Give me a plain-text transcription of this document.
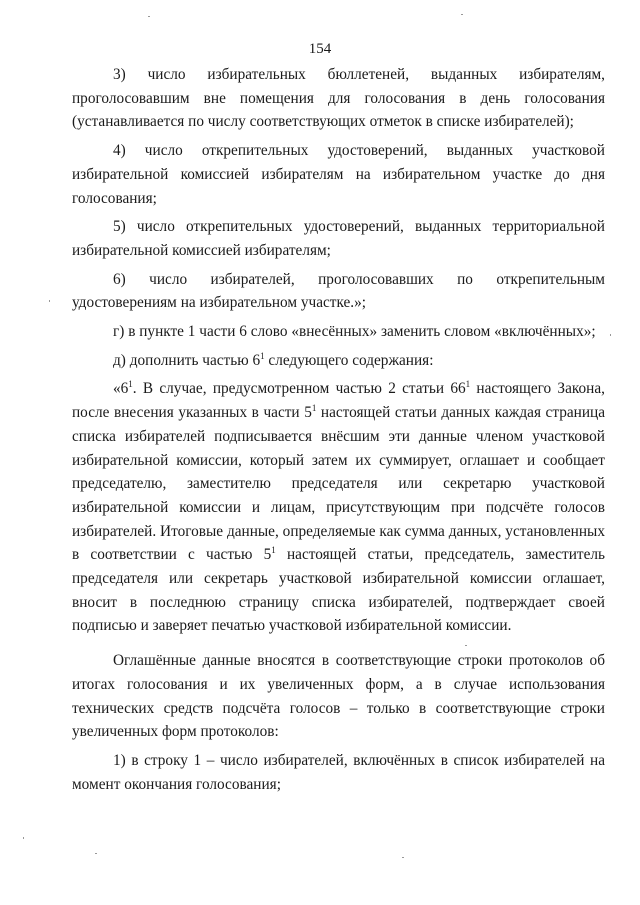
154

3) число избирательных бюллетеней, выданных избирателям, проголосовавшим вне помещения для голосования в день голосования (устанавливается по числу соответствующих отметок в списке избирателей);

4) число открепительных удостоверений, выданных участковой избирательной комиссией избирателям на избирательном участке до дня голосования;

5) число открепительных удостоверений, выданных территориальной избирательной комиссией избирателям;

6) число избирателей, проголосовавших по открепительным удостоверениям на избирательном участке.»;

г) в пункте 1 части 6 слово «внесённых» заменить словом «включённых»;

д) дополнить частью $6^1$ следующего содержания:

«$6^1$. В случае, предусмотренном частью 2 статьи $66^1$ настоящего Закона, после внесения указанных в части $5^1$ настоящей статьи данных каждая страница списка избирателей подписывается внёсшим эти данные членом участковой избирательной комиссии, который затем их суммирует, оглашает и сообщает председателю, заместителю председателя или секретарю участковой избирательной комиссии и лицам, присутствующим при подсчёте голосов избирателей. Итоговые данные, определяемые как сумма данных, установленных в соответствии с частью $5^1$ настоящей статьи, председатель, заместитель председателя или секретарь участковой избирательной комиссии оглашает, вносит в последнюю страницу списка избирателей, подтверждает своей подписью и заверяет печатью участковой избирательной комиссии.

Оглашённые данные вносятся в соответствующие строки протоколов об итогах голосования и их увеличенных форм, а в случае использования технических средств подсчёта голосов – только в соответствующие строки увеличенных форм протоколов:

1) в строку 1 – число избирателей, включённых в список избирателей на момент окончания голосования;
